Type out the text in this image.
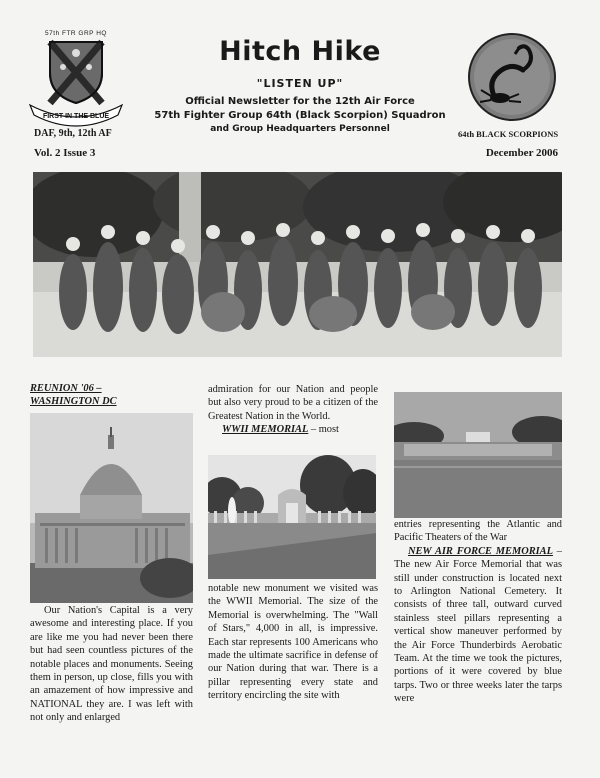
57th FTR GRP HQ
FIRST IN THE BLUE
DAF, 9th, 12th AF
Hitch Hike
"LISTEN UP"
Official Newsletter for the 12th Air Force
57th Fighter Group 64th (Black Scorpion) Squadron
and Group Headquarters Personnel	64th BLACK SCORPIONS
Vol. 2 Issue 3	December 2006
REUNION '06 –
WASHINGTON DC
Our Nation's Capital is a very awesome and interesting place. If you are like me you had never been there but had seen countless pictures of the notable places and monuments. Seeing them in person, up close, fills you with an amazement of how impressive and NATIONAL they are. I was left with not only and enlarged
admiration for our Nation and people but also very proud to be a citizen of the Greatest Nation in the World.
WWII MEMORIAL – most
notable new monument we visited was the WWII Memorial. The size of the Memorial is overwhelming. The "Wall of Stars," 4,000 in all, is impressive. Each star represents 100 Americans who made the ultimate sacrifice in defense of our Nation during that war. There is a pillar representing every state and territory encircling the site with
entries representing the Atlantic and Pacific Theaters of the War
NEW AIR FORCE MEMORIAL – The new Air Force Memorial that was still under construction is located next to Arlington National Cemetery. It consists of three tall, outward curved stainless steel pillars representing a vertical show maneuver performed by the Air Force Thunderbirds Aerobatic Team. At the time we took the pictures, portions of it were covered by blue tarps. Two or three weeks later the tarps were
